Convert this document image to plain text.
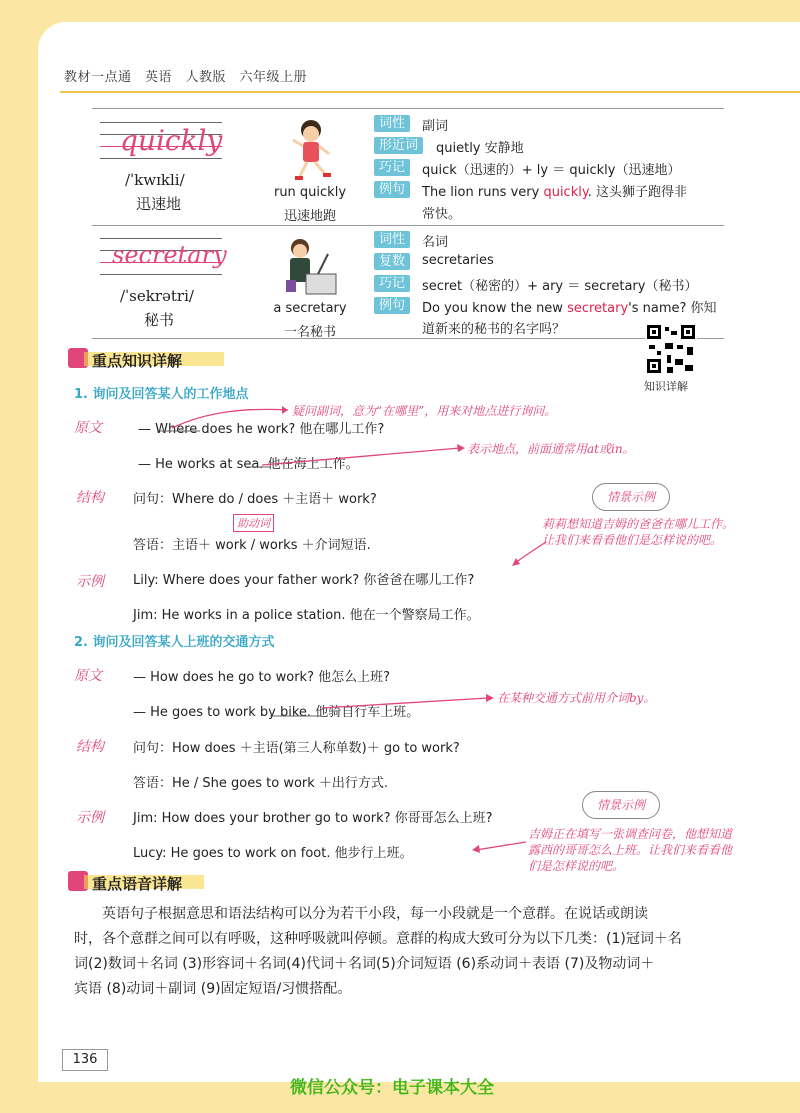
教材一点通　英语　人教版　六年级上册
quickly
/ˈkwɪkli/
迅速地
run quickly
迅速地跑
词性	副词
形近词	quietly 安静地
巧记	quick（迅速的）+ ly ＝ quickly（迅速地）
例句	The lion runs very quickly. 这头狮子跑得非
常快。
secretary
/ˈsekrətri/
秘书
a secretary
一名秘书
词性	名词
复数	secretaries
巧记	secret（秘密的）+ ary ＝ secretary（秘书）
例句	Do you know the new secretary's name? 你知
道新来的秘书的名字吗？
知识详解
重点知识详解
1. 询问及回答某人的工作地点
原文	— Where does he work? 他在哪儿工作?
疑问副词，意为“在哪里”，用来对地点进行询问。
— He works at sea. 他在海上工作。
表示地点，前面通常用at或in。
结构 问句：Where do / does ＋主语＋ work?
助动词
答语：主语＋ work / works ＋介词短语.
情景示例
莉莉想知道吉姆的爸爸在哪儿工作。让我们来看看他们是怎样说的吧。
示例 Lily: Where does your father work? 你爸爸在哪儿工作?
Jim: He works in a police station. 他在一个警察局工作。
2. 询问及回答某人上班的交通方式
原文 — How does he go to work? 他怎么上班?
— He goes to work by bike. 他骑自行车上班。
在某种交通方式前用介词by。
结构 问句：How does ＋主语(第三人称单数)＋ go to work?
答语：He / She goes to work ＋出行方式.
情景示例
吉姆正在填写一张调查问卷，他想知道露西的哥哥怎么上班。让我们来看看他们是怎样说的吧。
示例 Jim: How does your brother go to work? 你哥哥怎么上班?
Lucy: He goes to work on foot. 他步行上班。
重点语音详解
　　英语句子根据意思和语法结构可以分为若干小段，每一小段就是一个意群。在说话或朗读
时，各个意群之间可以有呼吸，这种呼吸就叫停顿。意群的构成大致可分为以下几类：(1)冠词＋名
词(2)数词＋名词 (3)形容词＋名词(4)代词＋名词(5)介词短语 (6)系动词＋表语 (7)及物动词＋
宾语 (8)动词＋副词 (9)固定短语/习惯搭配。
136
微信公众号：电子课本大全
